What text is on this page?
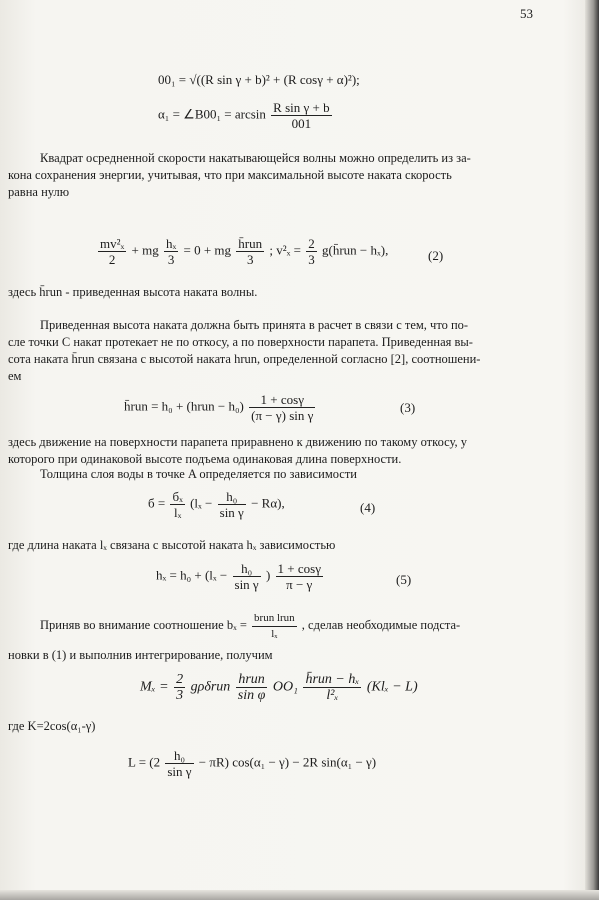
53
00₁ = √((R sin γ + b)² + (R cosγ + α)²);
α₁ = ∠B00₁ = $\arcsin \frac{\text{R sin γ + b}}{001}$
Квадрат осредненной скорости накатывающейся волны можно определить из за-
кона сохранения энергии, учитывая, что при максимальной высоте наката скорость
равна нулю
$\frac{\text{mv²ₓ}}{2}$ + mg $\frac{\text{hₓ}}{3} = 0$ + mg $\frac{\text{h̄run}}{3}$ ; $v^2_x = \frac{2}{3}$ g(h̄run − hₓ),	(2)
здесь h̄run - приведенная высота наката волны.
Приведенная высота наката должна быть принята в расчет в связи с тем, что по-
сле точки C накат протекает не по откосу, а по поверхности парапета. Приведенная вы-
сота наката h̄run связана с высотой наката hrun, определенной согласно [2], соотношени-
ем
h̄run = h₀ + (hrun − $h_0) \frac{1 + \cos\gamma}{\text{(π − γ) sin γ}}$	(3)
здесь движение на поверхности парапета приравнено к движению по такому откосу, у
которого при одинаковой высоте подъема одинаковая длина поверхности.
Толщина слоя воды в точке A определяется по зависимости
$б = \frac{\text{бₓ}}{\text{lₓ}} (l_x - \frac{\text{h₀}}{\text{sin γ}} - R\alpha)$,	(4)
где длина наката lₓ связана с высотой наката hₓ зависимостью
$h_x = h_0 + (l_x - \frac{\text{h₀}}{\text{sin γ}}$ ) $\frac{1 + \cos\gamma}{\pi - \gamma}$	(5)
Приняв во внимание соотношение $b_x = \frac{\text{brun lrun}}{\text{lₓ}}$ , сделав необходимые подста-
новки в (1) и выполнив интегрирование, получим
$M_x = \frac{2}{3}$ gρδrun $\frac{\text{hrun}}{\text{sin φ}} OO_1 \frac{\text{h̄run − hₓ}}{\text{l²ₓ}} (Kl_x - L)$
где K=2cos(α₁-γ)
$L = (2 \frac{\text{h₀}}{\text{sin γ}} - \pi R)$ cos(α₁ − γ) − 2R sin(α₁ − γ)
